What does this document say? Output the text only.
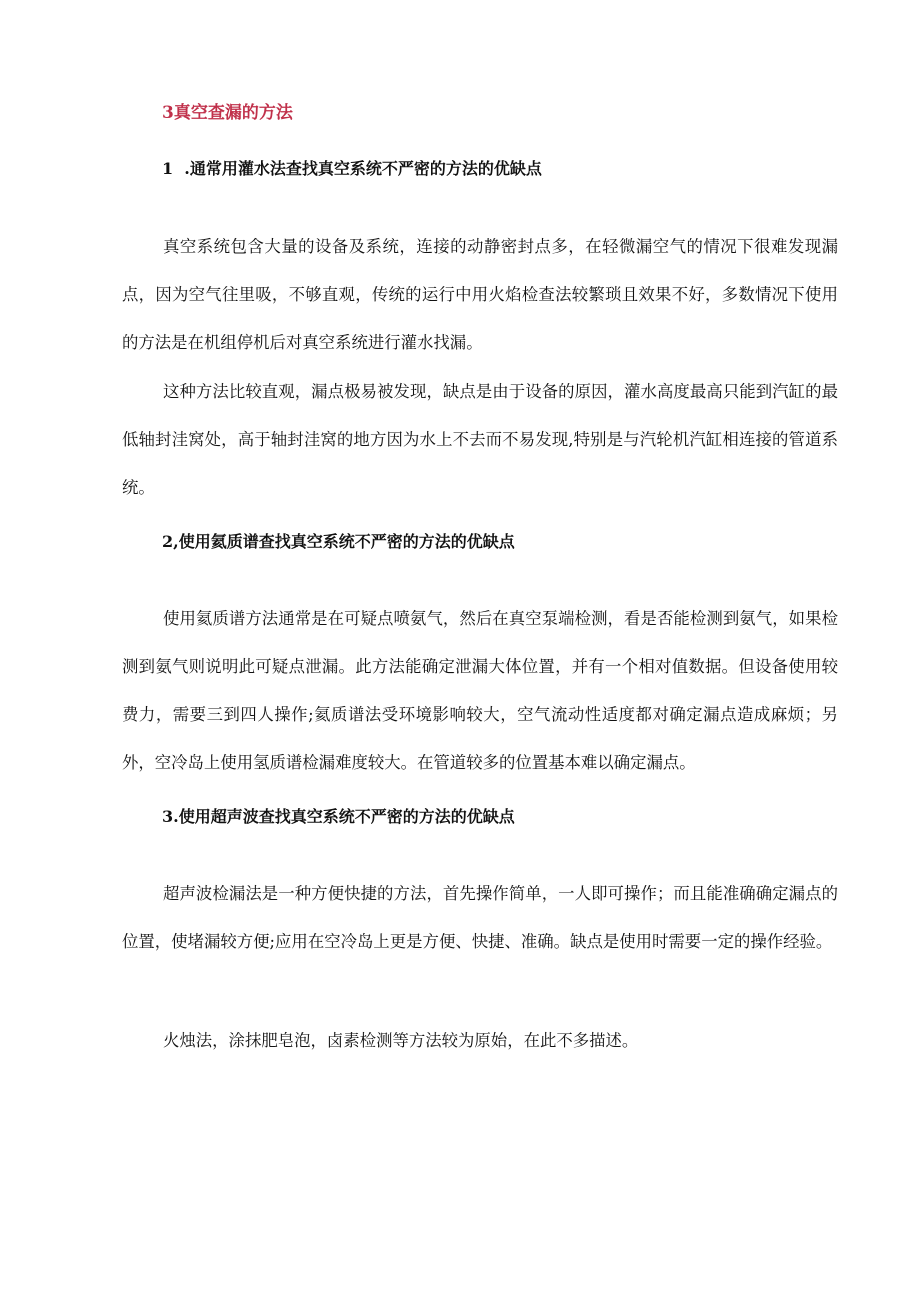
3真空查漏的方法
1  .通常用灌水法查找真空系统不严密的方法的优缺点

真空系统包含大量的设备及系统，连接的动静密封点多，在轻微漏空气的情况下很难发现漏点，因为空气往里吸，不够直观，传统的运行中用火焰检查法较繁琐且效果不好，多数情况下使用的方法是在机组停机后对真空系统进行灌水找漏。

这种方法比较直观，漏点极易被发现，缺点是由于设备的原因，灌水高度最高只能到汽缸的最低轴封洼窝处，高于轴封洼窝的地方因为水上不去而不易发现,特别是与汽轮机汽缸相连接的管道系统。

2,使用氦质谱查找真空系统不严密的方法的优缺点

使用氦质谱方法通常是在可疑点喷氨气，然后在真空泵端检测，看是否能检测到氨气，如果检测到氨气则说明此可疑点泄漏。此方法能确定泄漏大体位置，并有一个相对值数据。但设备使用较费力，需要三到四人操作;氦质谱法受环境影响较大，空气流动性适度都对确定漏点造成麻烦；另外，空冷岛上使用氢质谱检漏难度较大。在管道较多的位置基本难以确定漏点。

3.使用超声波查找真空系统不严密的方法的优缺点

超声波检漏法是一种方便快捷的方法，首先操作简单，一人即可操作；而且能准确确定漏点的位置，使堵漏较方便;应用在空冷岛上更是方便、快捷、准确。缺点是使用时需要一定的操作经验。

火烛法，涂抹肥皂泡，卤素检测等方法较为原始，在此不多描述。
